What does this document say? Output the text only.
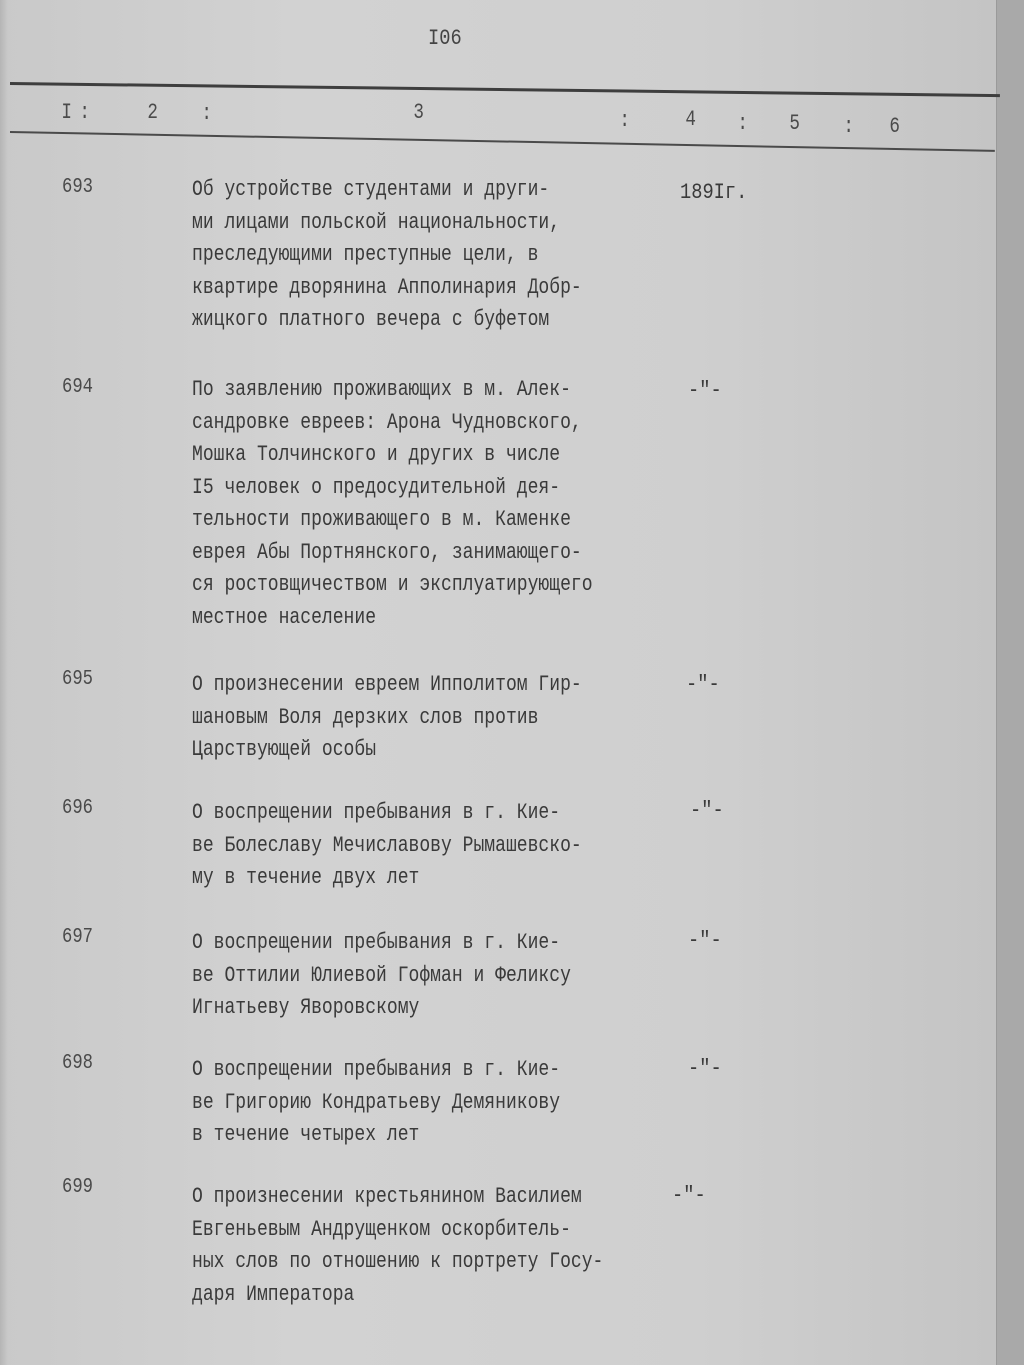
I06
I :	2 :	3	:	4 : 5 : 6

693	Об устройстве студентами и други-
ми лицами польской национальности,
преследующими преступные цели, в
квартире дворянина Апполинария Добр-
жицкого платного вечера с буфетом
189Iг.
694	По заявлению проживающих в м. Алек-
сандровке евреев: Арона Чудновского,
Мошка Толчинского и других в числе
I5 человек о предосудительной дея-
тельности проживающего в м. Каменке
еврея Абы Портнянского, занимающего-
ся ростовщичеством и эксплуатирующего
местное население
-"-
695	О произнесении евреем Ипполитом Гир-
шановым Воля дерзких слов против
Царствующей особы
-"-
696	О воспрещении пребывания в г. Кие-
ве Болеславу Мечиславову Рымашевско-
му в течение двух лет
-"-
697	О воспрещении пребывания в г. Кие-
ве Оттилии Юлиевой Гофман и Феликсу
Игнатьеву Яворовскому
-"-
698	О воспрещении пребывания в г. Кие-
ве Григорию Кондратьеву Демяникову
в течение четырех лет
-"-
699	О произнесении крестьянином Василием
Евгеньевым Андрущенком оскорбитель-
ных слов по отношению к портрету Госу-
даря Императора
-"-
